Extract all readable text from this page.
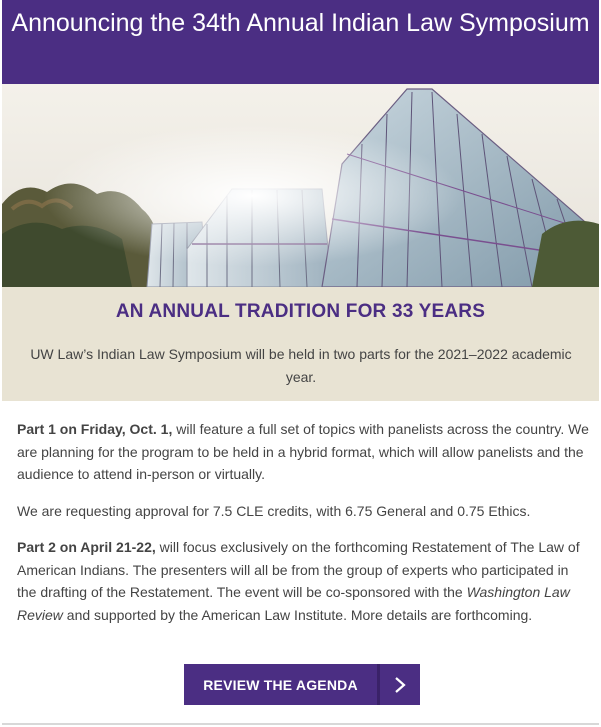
Announcing the 34th Annual Indian Law Symposium
AN ANNUAL TRADITION FOR 33 YEARS

UW Law’s Indian Law Symposium will be held in two parts for the 2021–2022 academic year.

Part 1 on Friday, Oct. 1, will feature a full set of topics with panelists across the country. We are planning for the program to be held in a hybrid format, which will allow panelists and the audience to attend in-person or virtually.

We are requesting approval for 7.5 CLE credits, with 6.75 General and 0.75 Ethics.

Part 2 on April 21-22, will focus exclusively on the forthcoming Restatement of The Law of American Indians. The presenters will all be from the group of experts who participated in the drafting of the Restatement. The event will be co-sponsored with the Washington Law Review and supported by the American Law Institute. More details are forthcoming.

REVIEW THE AGENDA
